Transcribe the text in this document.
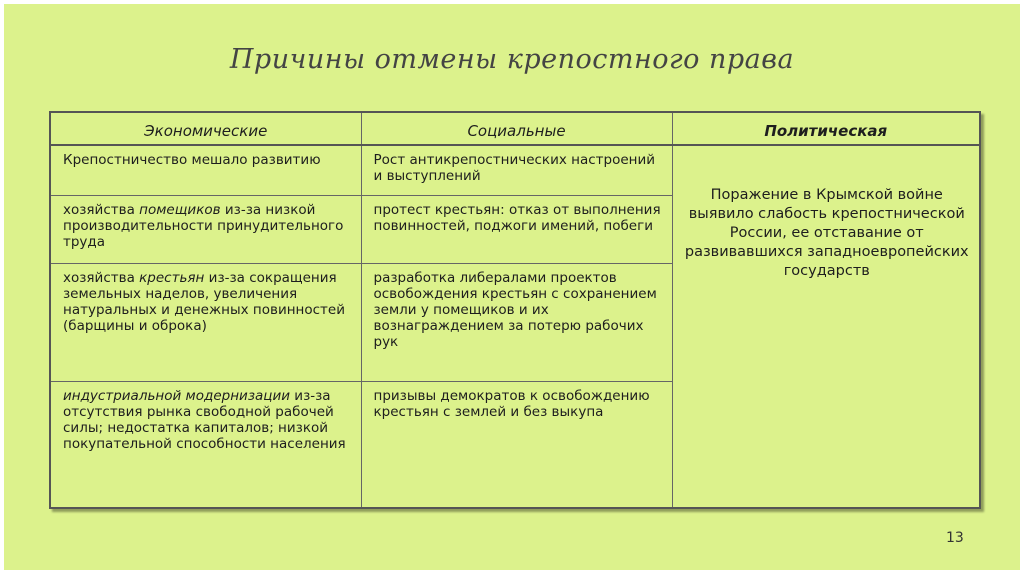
Причины отмены крепостного права
Экономические	Социальные	Политическая
Крепостничество мешало развитию	Рост антикрепостнических настроений и выступлений	Поражение в Крымской войне выявило слабость крепостнической России, ее отставание от развивавшихся западноевропейских государств
хозяйства помещиков из-за низкой производительности принудительного труда	протест крестьян: отказ от выполнения повинностей, поджоги имений, побеги	
хозяйства крестьян из-за сокращения земельных наделов, увеличения натуральных и денежных повинностей (барщины и оброка)	разработка либералами проектов освобождения крестьян с сохранением земли у помещиков и их вознаграждением за потерю рабочих рук	
индустриальной модернизации из-за отсутствия рынка свободной рабочей силы; недостатка капиталов; низкой покупательной способности населения	призывы демократов к освобождению крестьян с землей и без выкупа	
13
